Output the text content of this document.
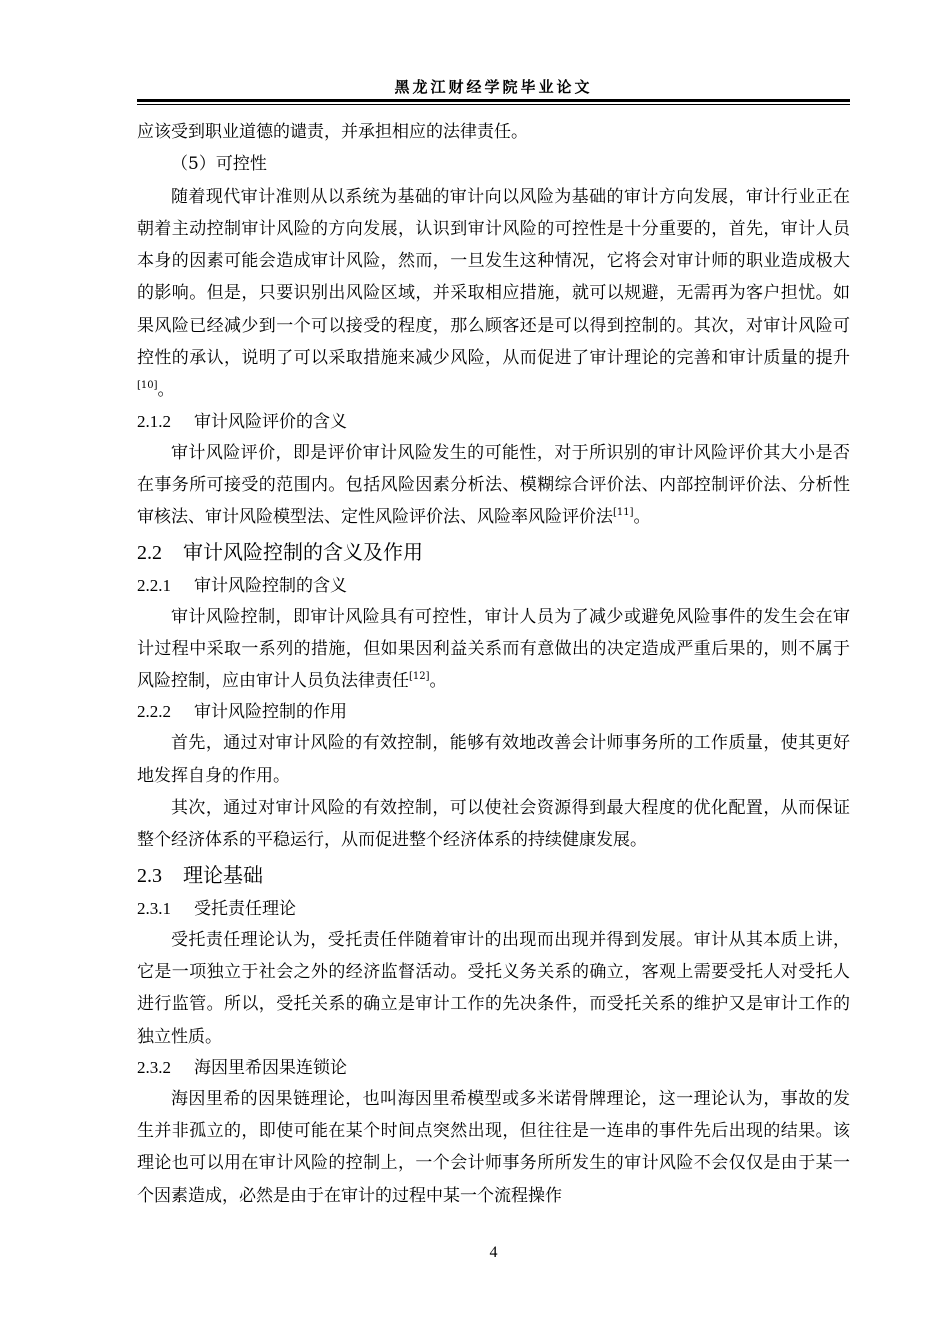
黑龙江财经学院毕业论文

应该受到职业道德的谴责，并承担相应的法律责任。

（5）可控性

随着现代审计准则从以系统为基础的审计向以风险为基础的审计方向发展，审计行业正在朝着主动控制审计风险的方向发展，认识到审计风险的可控性是十分重要的，首先，审计人员本身的因素可能会造成审计风险，然而，一旦发生这种情况，它将会对审计师的职业造成极大的影响。但是，只要识别出风险区域，并采取相应措施，就可以规避，无需再为客户担忧。如果风险已经减少到一个可以接受的程度，那么顾客还是可以得到控制的。其次，对审计风险可控性的承认，说明了可以采取措施来减少风险，从而促进了审计理论的完善和审计质量的提升[10]。

2.1.2 审计风险评价的含义

审计风险评价，即是评价审计风险发生的可能性，对于所识别的审计风险评价其大小是否在事务所可接受的范围内。包括风险因素分析法、模糊综合评价法、内部控制评价法、分析性审核法、审计风险模型法、定性风险评价法、风险率风险评价法[11]。

2.2 审计风险控制的含义及作用
2.2.1 审计风险控制的含义

审计风险控制，即审计风险具有可控性，审计人员为了减少或避免风险事件的发生会在审计过程中采取一系列的措施，但如果因利益关系而有意做出的决定造成严重后果的，则不属于风险控制，应由审计人员负法律责任[12]。

2.2.2 审计风险控制的作用

首先，通过对审计风险的有效控制，能够有效地改善会计师事务所的工作质量，使其更好地发挥自身的作用。

其次，通过对审计风险的有效控制，可以使社会资源得到最大程度的优化配置，从而保证整个经济体系的平稳运行，从而促进整个经济体系的持续健康发展。

2.3 理论基础
2.3.1 受托责任理论

受托责任理论认为，受托责任伴随着审计的出现而出现并得到发展。审计从其本质上讲，它是一项独立于社会之外的经济监督活动。受托义务关系的确立，客观上需要受托人对受托人进行监管。所以，受托关系的确立是审计工作的先决条件，而受托关系的维护又是审计工作的独立性质。

2.3.2 海因里希因果连锁论

海因里希的因果链理论，也叫海因里希模型或多米诺骨牌理论，这一理论认为，事故的发生并非孤立的，即使可能在某个时间点突然出现，但往往是一连串的事件先后出现的结果。该理论也可以用在审计风险的控制上，一个会计师事务所所发生的审计风险不会仅仅是由于某一个因素造成，必然是由于在审计的过程中某一个流程操作

4
